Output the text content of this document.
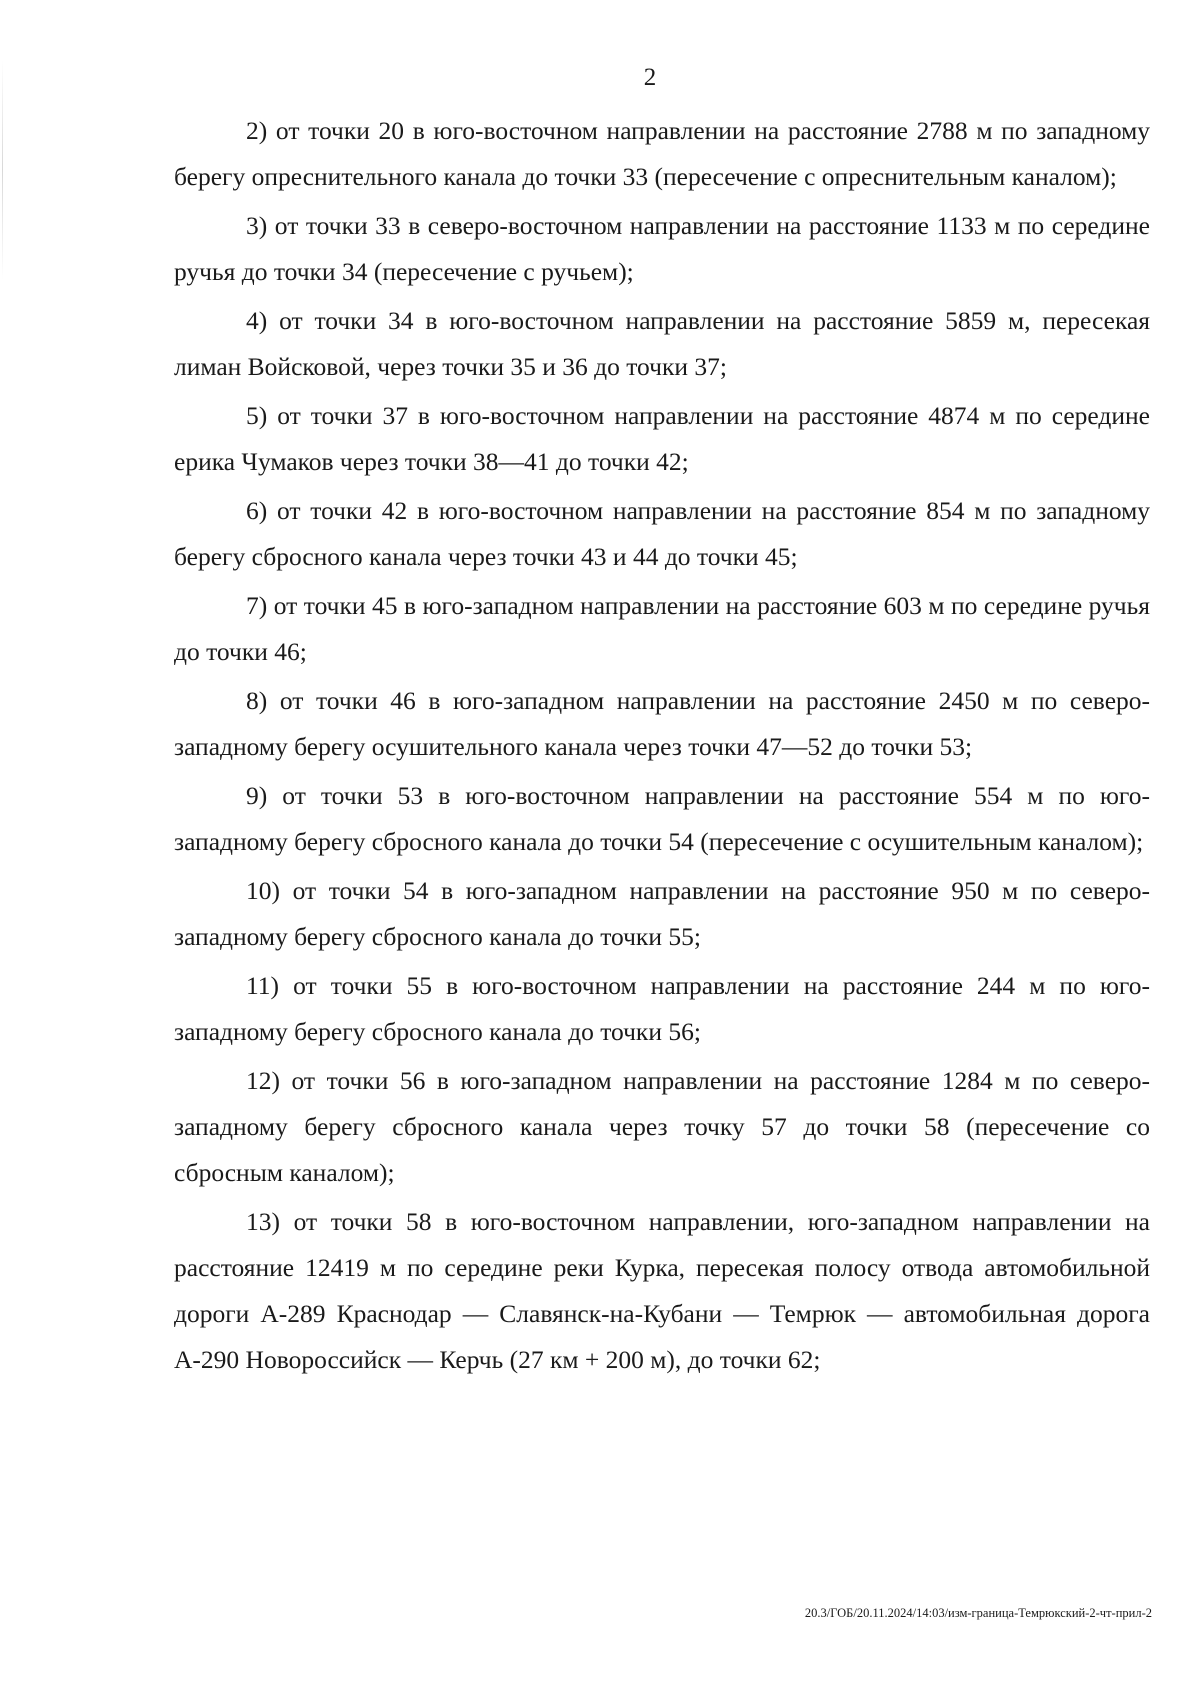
2

2) от точки 20 в юго-восточном направлении на расстояние 2788 м по западному берегу опреснительного канала до точки 33 (пересечение с опреснительным каналом);

3) от точки 33 в северо-восточном направлении на расстояние 1133 м по середине ручья до точки 34 (пересечение с ручьем);

4) от точки 34 в юго-восточном направлении на расстояние 5859 м, пересекая лиман Войсковой, через точки 35 и 36 до точки 37;

5) от точки 37 в юго-восточном направлении на расстояние 4874 м по середине ерика Чумаков через точки 38—41 до точки 42;

6) от точки 42 в юго-восточном направлении на расстояние 854 м по западному берегу сбросного канала через точки 43 и 44 до точки 45;

7) от точки 45 в юго-западном направлении на расстояние 603 м по середине ручья до точки 46;

8) от точки 46 в юго-западном направлении на расстояние 2450 м по северо-западному берегу осушительного канала через точки 47—52 до точки 53;

9) от точки 53 в юго-восточном направлении на расстояние 554 м по юго-западному берегу сбросного канала до точки 54 (пересечение с осушительным каналом);

10) от точки 54 в юго-западном направлении на расстояние 950 м по северо-западному берегу сбросного канала до точки 55;

11) от точки 55 в юго-восточном направлении на расстояние 244 м по юго-западному берегу сбросного канала до точки 56;

12) от точки 56 в юго-западном направлении на расстояние 1284 м по северо-западному берегу сбросного канала через точку 57 до точки 58 (пересечение со сбросным каналом);

13) от точки 58 в юго-восточном направлении, юго-западном направлении на расстояние 12419 м по середине реки Курка, пересекая полосу отвода автомобильной дороги А-289 Краснодар — Славянск-на-Кубани — Темрюк — автомобильная дорога А-290 Новороссийск — Керчь (27 км + 200 м), до точки 62;

20.3/ГОБ/20.11.2024/14:03/изм-граница-Темрюкский-2-чт-прил-2
